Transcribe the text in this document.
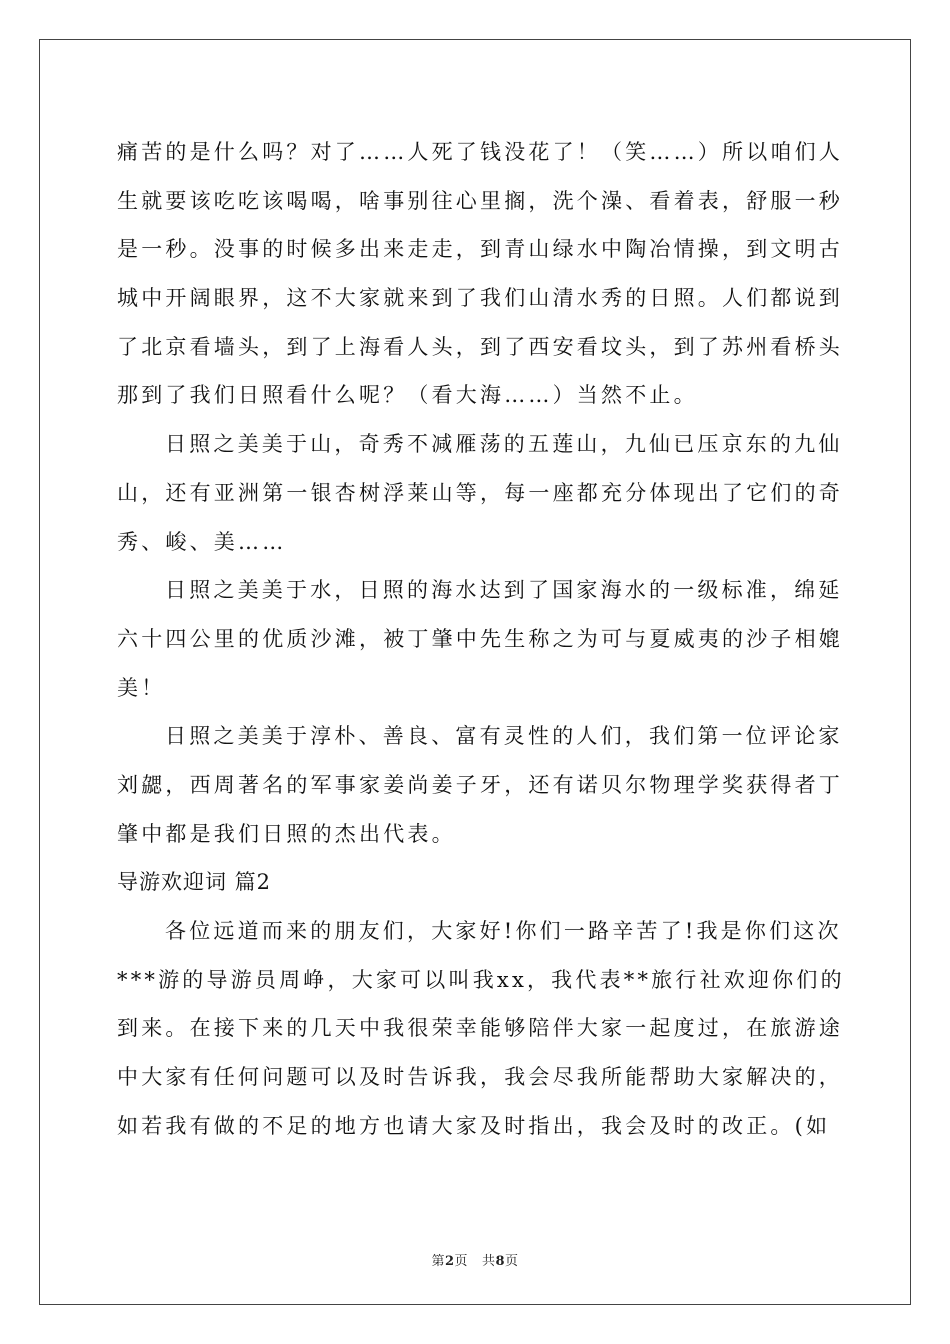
痛苦的是什么吗？对了……人死了钱没花了！（笑……）所以咱们人
生就要该吃吃该喝喝，啥事别往心里搁，洗个澡、看着表，舒服一秒
是一秒。没事的时候多出来走走，到青山绿水中陶冶情操，到文明古
城中开阔眼界，这不大家就来到了我们山清水秀的日照。人们都说到
了北京看墙头，到了上海看人头，到了西安看坟头，到了苏州看桥头
那到了我们日照看什么呢？（看大海……）当然不止。
日照之美美于山，奇秀不减雁荡的五莲山，九仙已压京东的九仙
山，还有亚洲第一银杏树浮莱山等，每一座都充分体现出了它们的奇
秀、峻、美……
日照之美美于水，日照的海水达到了国家海水的一级标准，绵延
六十四公里的优质沙滩，被丁肇中先生称之为可与夏威夷的沙子相媲
美！
日照之美美于淳朴、善良、富有灵性的人们，我们第一位评论家
刘勰，西周著名的军事家姜尚姜子牙，还有诺贝尔物理学奖获得者丁
肇中都是我们日照的杰出代表。
导游欢迎词 篇2
各位远道而来的朋友们，大家好!你们一路辛苦了!我是你们这次
***游的导游员周峥，大家可以叫我xx，我代表**旅行社欢迎你们的
到来。在接下来的几天中我很荣幸能够陪伴大家一起度过，在旅游途
中大家有任何问题可以及时告诉我，我会尽我所能帮助大家解决的，
如若我有做的不足的地方也请大家及时指出，我会及时的改正。(如
第2页 共8页
